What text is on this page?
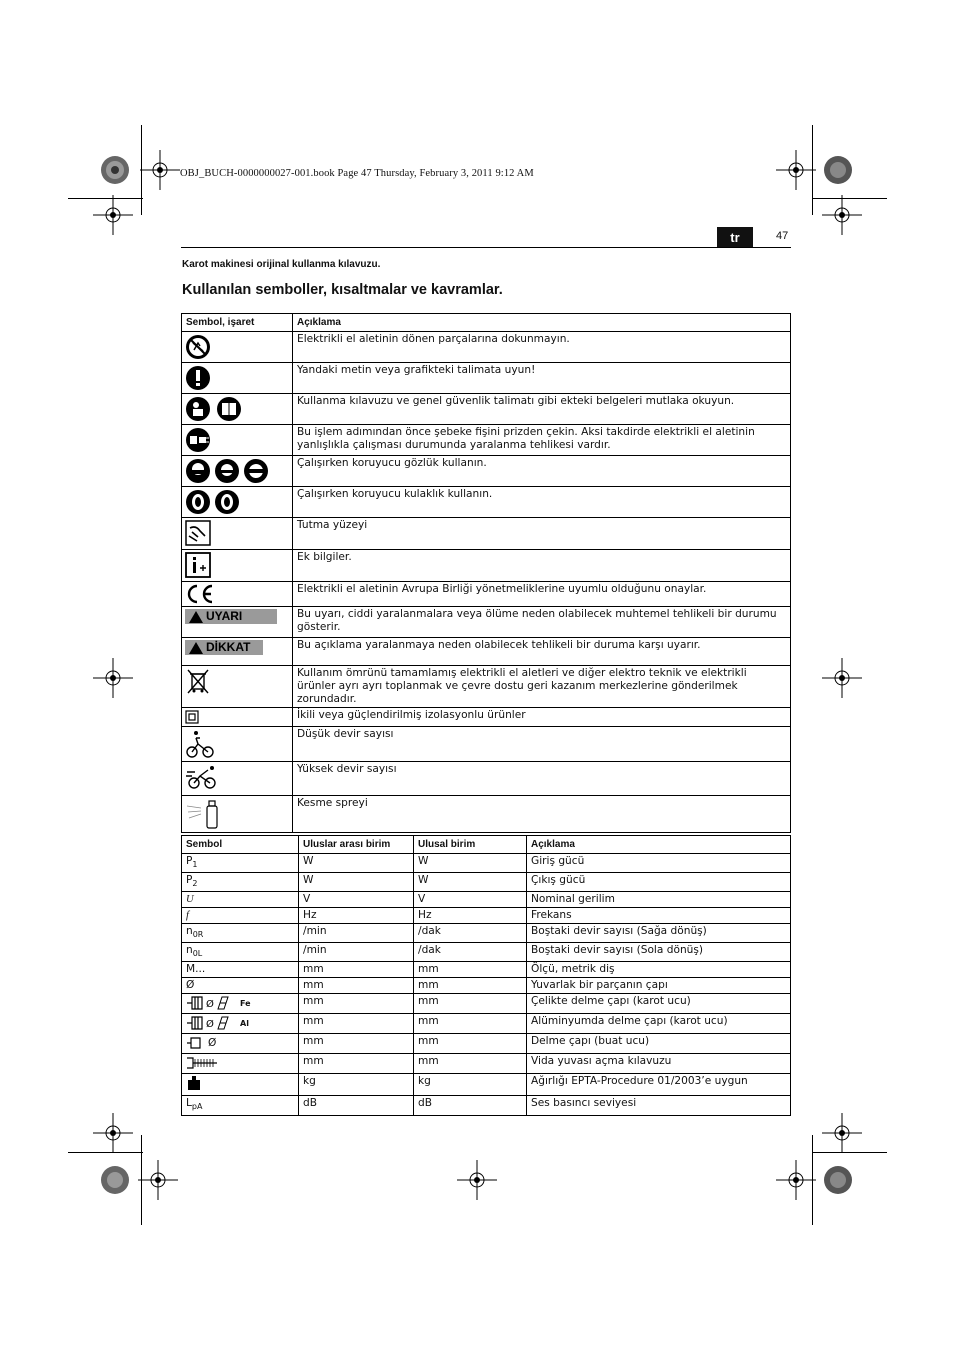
OBJ_BUCH-0000000027-001.book Page 47 Thursday, February 3, 2011 9:12 AM
tr	47
Karot makinesi orijinal kullanma kılavuzu.
Kullanılan semboller, kısaltmalar ve kavramlar.
Sembol, işaret	Açıklama
	Elektrikli el aletinin dönen parçalarına dokunmayın.
	Yandaki metin veya grafikteki talimata uyun!
	Kullanma kılavuzu ve genel güvenlik talimatı gibi ekteki belgeleri mutlaka okuyun.
	Bu işlem adımından önce şebeke fişini prizden çekin. Aksi takdirde elektrikli el aletinin yanlışlıkla çalışması durumunda yaralanma tehlikesi vardır.
	Çalışırken koruyucu gözlük kullanın.
	Çalışırken koruyucu kulaklık kullanın.
	Tutma yüzeyi
	Ek bilgiler.
	Elektrikli el aletinin Avrupa Birliği yönetmeliklerine uyumlu olduğunu onaylar.

UYARI	Bu uyarı, ciddi yaralanmalara veya ölüme neden olabilecek muhtemel tehlikeli bir durumu gösterir.

DİKKAT	Bu açıklama yaralanmaya neden olabilecek tehlikeli bir duruma karşı uyarır.
	Kullanım ömrünü tamamlamış elektrikli el aletleri ve diğer elektro teknik ve elektrikli ürünler ayrı ayrı toplanmak ve çevre dostu geri kazanım merkezlerine gönderilmek zorundadır.
	İkili veya güçlendirilmiş izolasyonlu ürünler
	Düşük devir sayısı
	Yüksek devir sayısı
	Kesme spreyi
Sembol	Uluslar arası birim	Ulusal birim	Açıklama
$P_1$	W	W	Giriş gücü
$P_2$	W	W	Çıkış gücü
U	V	V	Nominal gerilim
f	Hz	Hz	Frekans
$n_{0R}$	/min	/dak	Boştaki devir sayısı (Sağa dönüş)
$n_{0L}$	/min	/dak	Boştaki devir sayısı (Sola dönüş)
M...	mm	mm	Ölçü, metrik diş
Ø	mm	mm	Yuvarlak bir parçanın çapı

Ø Fe	mm	mm	Çelikte delme çapı (karot ucu)

Ø Al	mm	mm	Alüminyumda delme çapı (karot ucu)
Ø	mm	mm	Delme çapı (buat ucu)
	mm	mm	Vida yuvası açma kılavuzu
	kg	kg	Ağırlığı EPTA-Procedure 01/2003’e uygun
$L_{pA}$	dB	dB	Ses basıncı seviyesi
